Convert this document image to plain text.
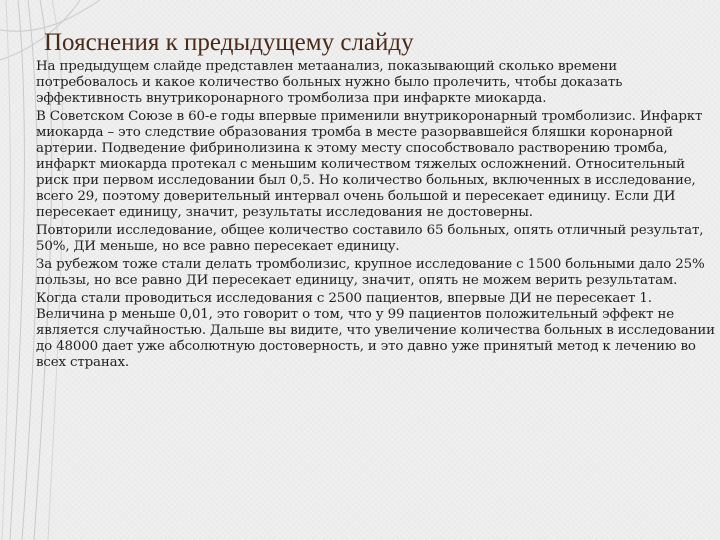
Пояснения к предыдущему слайду

На предыдущем слайде представлен метаанализ, показывающий сколько времени потребовалось и какое количество больных нужно было пролечить, чтобы доказать эффективность внутрикоронарного тромболиза при инфаркте миокарда.

В Советском Союзе в 60-е годы впервые применили внутрикоронарный тромболизис. Инфаркт миокарда – это следствие образования тромба в месте разорвавшейся бляшки коронарной артерии. Подведение фибринолизина к этому месту способствовало растворению тромба, инфаркт миокарда протекал с меньшим количеством тяжелых осложнений. Относительный риск при первом исследовании был 0,5. Но количество больных, включенных в исследование, всего 29, поэтому доверительный интервал очень большой и пересекает единицу. Если ДИ пересекает единицу, значит, результаты исследования не достоверны.

Повторили исследование, общее количество составило 65 больных, опять отличный результат, 50%, ДИ меньше, но все равно пересекает единицу.

За рубежом тоже стали делать тромболизис, крупное исследование с 1500 больными дало 25% пользы, но все равно ДИ пересекает единицу, значит, опять не можем верить результатам.

Когда стали проводиться исследования с 2500 пациентов, впервые ДИ не пересекает 1. Величина р меньше 0,01, это говорит о том, что у 99 пациентов положительный эффект не является случайностью. Дальше вы видите, что увеличение количества больных в исследовании до 48000 дает уже абсолютную достоверность, и это давно уже принятый метод к лечению во всех странах.
